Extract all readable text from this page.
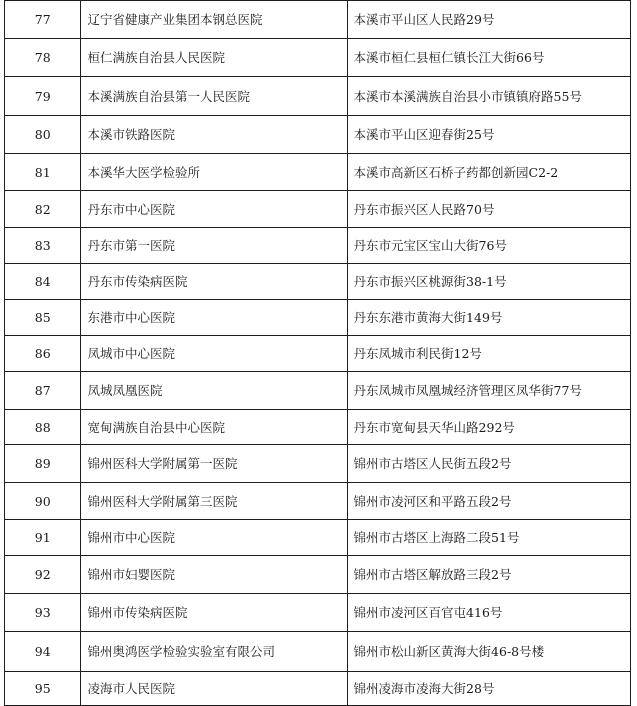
77	辽宁省健康产业集团本钢总医院	本溪市平山区人民路29号
78	桓仁满族自治县人民医院	本溪市桓仁县桓仁镇长江大街66号
79	本溪满族自治县第一人民医院	本溪市本溪满族自治县小市镇镇府路55号
80	本溪市铁路医院	本溪市平山区迎春街25号
81	本溪华大医学检验所	本溪市高新区石桥子药都创新园C2-2
82	丹东市中心医院	丹东市振兴区人民路70号
83	丹东市第一医院	丹东市元宝区宝山大街76号
84	丹东市传染病医院	丹东市振兴区桃源街38-1号
85	东港市中心医院	丹东东港市黄海大街149号
86	凤城市中心医院	丹东凤城市利民街12号
87	凤城凤凰医院	丹东凤城市凤凰城经济管理区凤华街77号
88	宽甸满族自治县中心医院	丹东市宽甸县天华山路292号
89	锦州医科大学附属第一医院	锦州市古塔区人民街五段2号
90	锦州医科大学附属第三医院	锦州市凌河区和平路五段2号
91	锦州市中心医院	锦州市古塔区上海路二段51号
92	锦州市妇婴医院	锦州市古塔区解放路三段2号
93	锦州市传染病医院	锦州市凌河区百官屯416号
94	锦州奥鸿医学检验实验室有限公司	锦州市松山新区黄海大街46-8号楼
95	凌海市人民医院	锦州凌海市凌海大街28号
